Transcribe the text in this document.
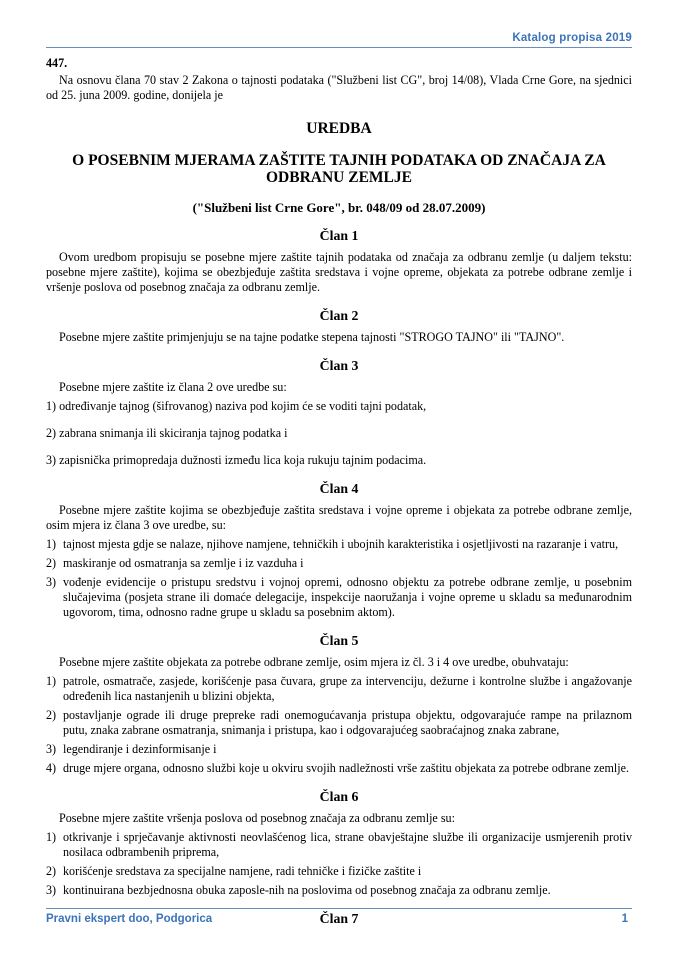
Katalog propisa 2019

447.

Na osnovu člana 70 stav 2 Zakona o tajnosti podataka ("Službeni list CG", broj 14/08), Vlada Crne Gore, na sjednici od 25. juna 2009. godine, donijela je

UREDBA

O POSEBNIM MJERAMA ZAŠTITE TAJNIH PODATAKA OD ZNAČAJA ZA ODBRANU ZEMLJE

("Službeni list Crne Gore", br. 048/09 od 28.07.2009)

Član 1

Ovom uredbom propisuju se posebne mjere zaštite tajnih podataka od značaja za odbranu zemlje (u daljem tekstu: posebne mjere zaštite), kojima se obezbjeđuje zaštita sredstava i vojne opreme, objekata za potrebe odbrane zemlje i vršenje poslova od posebnog značaja za odbranu zemlje.

Član 2

Posebne mjere zaštite primjenjuju se na tajne podatke stepena tajnosti "STROGO TAJNO" ili "TAJNO".

Član 3

Posebne mjere zaštite iz člana 2 ove uredbe su:

1) određivanje tajnog (šifrovanog) naziva pod kojim će se voditi tajni podatak,

2) zabrana snimanja ili skiciranja tajnog podatka i

3) zapisnička primopredaja dužnosti između lica koja rukuju tajnim podacima.

Član 4

Posebne mjere zaštite kojima se obezbjeđuje zaštita sredstava i vojne opreme i objekata za potrebe odbrane zemlje, osim mjera iz člana 3 ove uredbe, su:

1) tajnost mjesta gdje se nalaze, njihove namjene, tehničkih i ubojnih karakteristika i osjetljivosti na razaranje i vatru,
2) maskiranje od osmatranja sa zemlje i iz vazduha i
3) vođenje evidencije o pristupu sredstvu i vojnoj opremi, odnosno objektu za potrebe odbrane zemlje, u posebnim slučajevima (posjeta strane ili domaće delegacije, inspekcije naoružanja i vojne opreme u skladu sa međunarodnim ugovorom, tima, odnosno radne grupe u skladu sa posebnim aktom).
Član 5

Posebne mjere zaštite objekata za potrebe odbrane zemlje, osim mjera iz čl. 3 i 4 ove uredbe, obuhvataju:

1) patrole, osmatrače, zasjede, korišćenje pasa čuvara, grupe za intervenciju, dežurne i kontrolne službe i angažovanje određenih lica nastanjenih u blizini objekta,
2) postavljanje ograde ili druge prepreke radi onemogućavanja pristupa objektu, odgovarajuće rampe na prilaznom putu, znaka zabrane osmatranja, snimanja i pristupa, kao i odgovarajućeg saobraćajnog znaka zabrane,
3) legendiranje i dezinformisanje i
4) druge mjere organa, odnosno službi koje u okviru svojih nadležnosti vrše zaštitu objekata za potrebe odbrane zemlje.
Član 6

Posebne mjere zaštite vršenja poslova od posebnog značaja za odbranu zemlje su:

1) otkrivanje i sprječavanje aktivnosti neovlašćenog lica, strane obavještajne službe ili organizacije usmjerenih protiv nosilaca odbrambenih priprema,
2) korišćenje sredstava za specijalne namjene, radi tehničke i fizičke zaštite i
3) kontinuirana bezbjednosna obuka zaposle-nih na poslovima od posebnog značaja za odbranu zemlje.
Član 7
Pravni ekspert doo, Podgorica	1
